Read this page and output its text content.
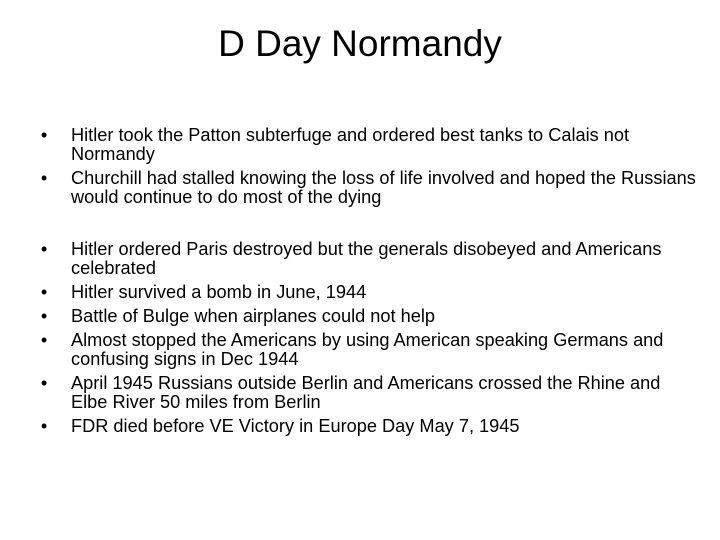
D Day Normandy
• Hitler took the Patton subterfuge and ordered best tanks to Calais not Normandy
• Churchill had stalled knowing the loss of life involved and hoped the Russians would continue to do most of the dying
• Hitler ordered Paris destroyed but the generals disobeyed and Americans celebrated
• Hitler survived a bomb in June, 1944
• Battle of Bulge when airplanes could not help
• Almost stopped the Americans by using American speaking Germans and confusing signs in Dec 1944
• April 1945 Russians outside Berlin and Americans crossed the Rhine and Elbe River 50 miles from Berlin
• FDR died before VE Victory in Europe Day May 7, 1945
